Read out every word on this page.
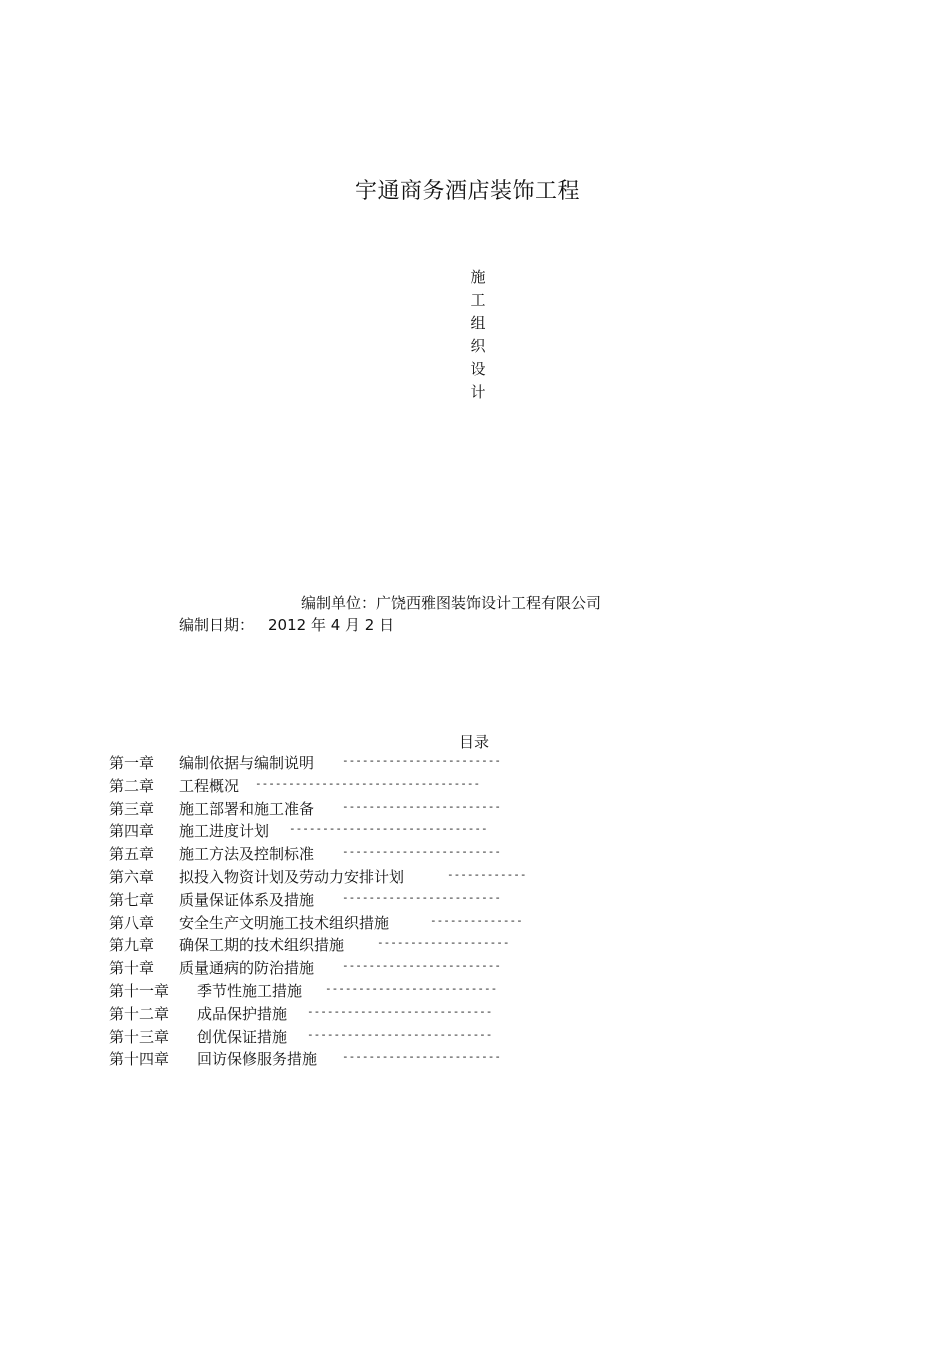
宇通商务酒店装饰工程
施
工
组
织
设
计
编制单位：广饶西雅图装饰设计工程有限公司
编制日期： 2012 年 4 月 2 日
目录
第一章 编制依据与编制说明	------------------------
第二章 工程概况 ----------------------------------
第三章 施工部署和施工准备	------------------------
第四章 施工进度计划 ------------------------------
第五章 施工方法及控制标准	------------------------
第六章 拟投入物资计划及劳动力安排计划	------------
第七章 质量保证体系及措施	------------------------
第八章 安全生产文明施工技术组织措施	--------------
第九章 确保工期的技术组织措施	--------------------
第十章 质量通病的防治措施	------------------------
第十一章 季节性施工措施 --------------------------
第十二章 成品保护措施 ----------------------------
第十三章 创优保证措施 ----------------------------
第十四章 回访保修服务措施 ------------------------
